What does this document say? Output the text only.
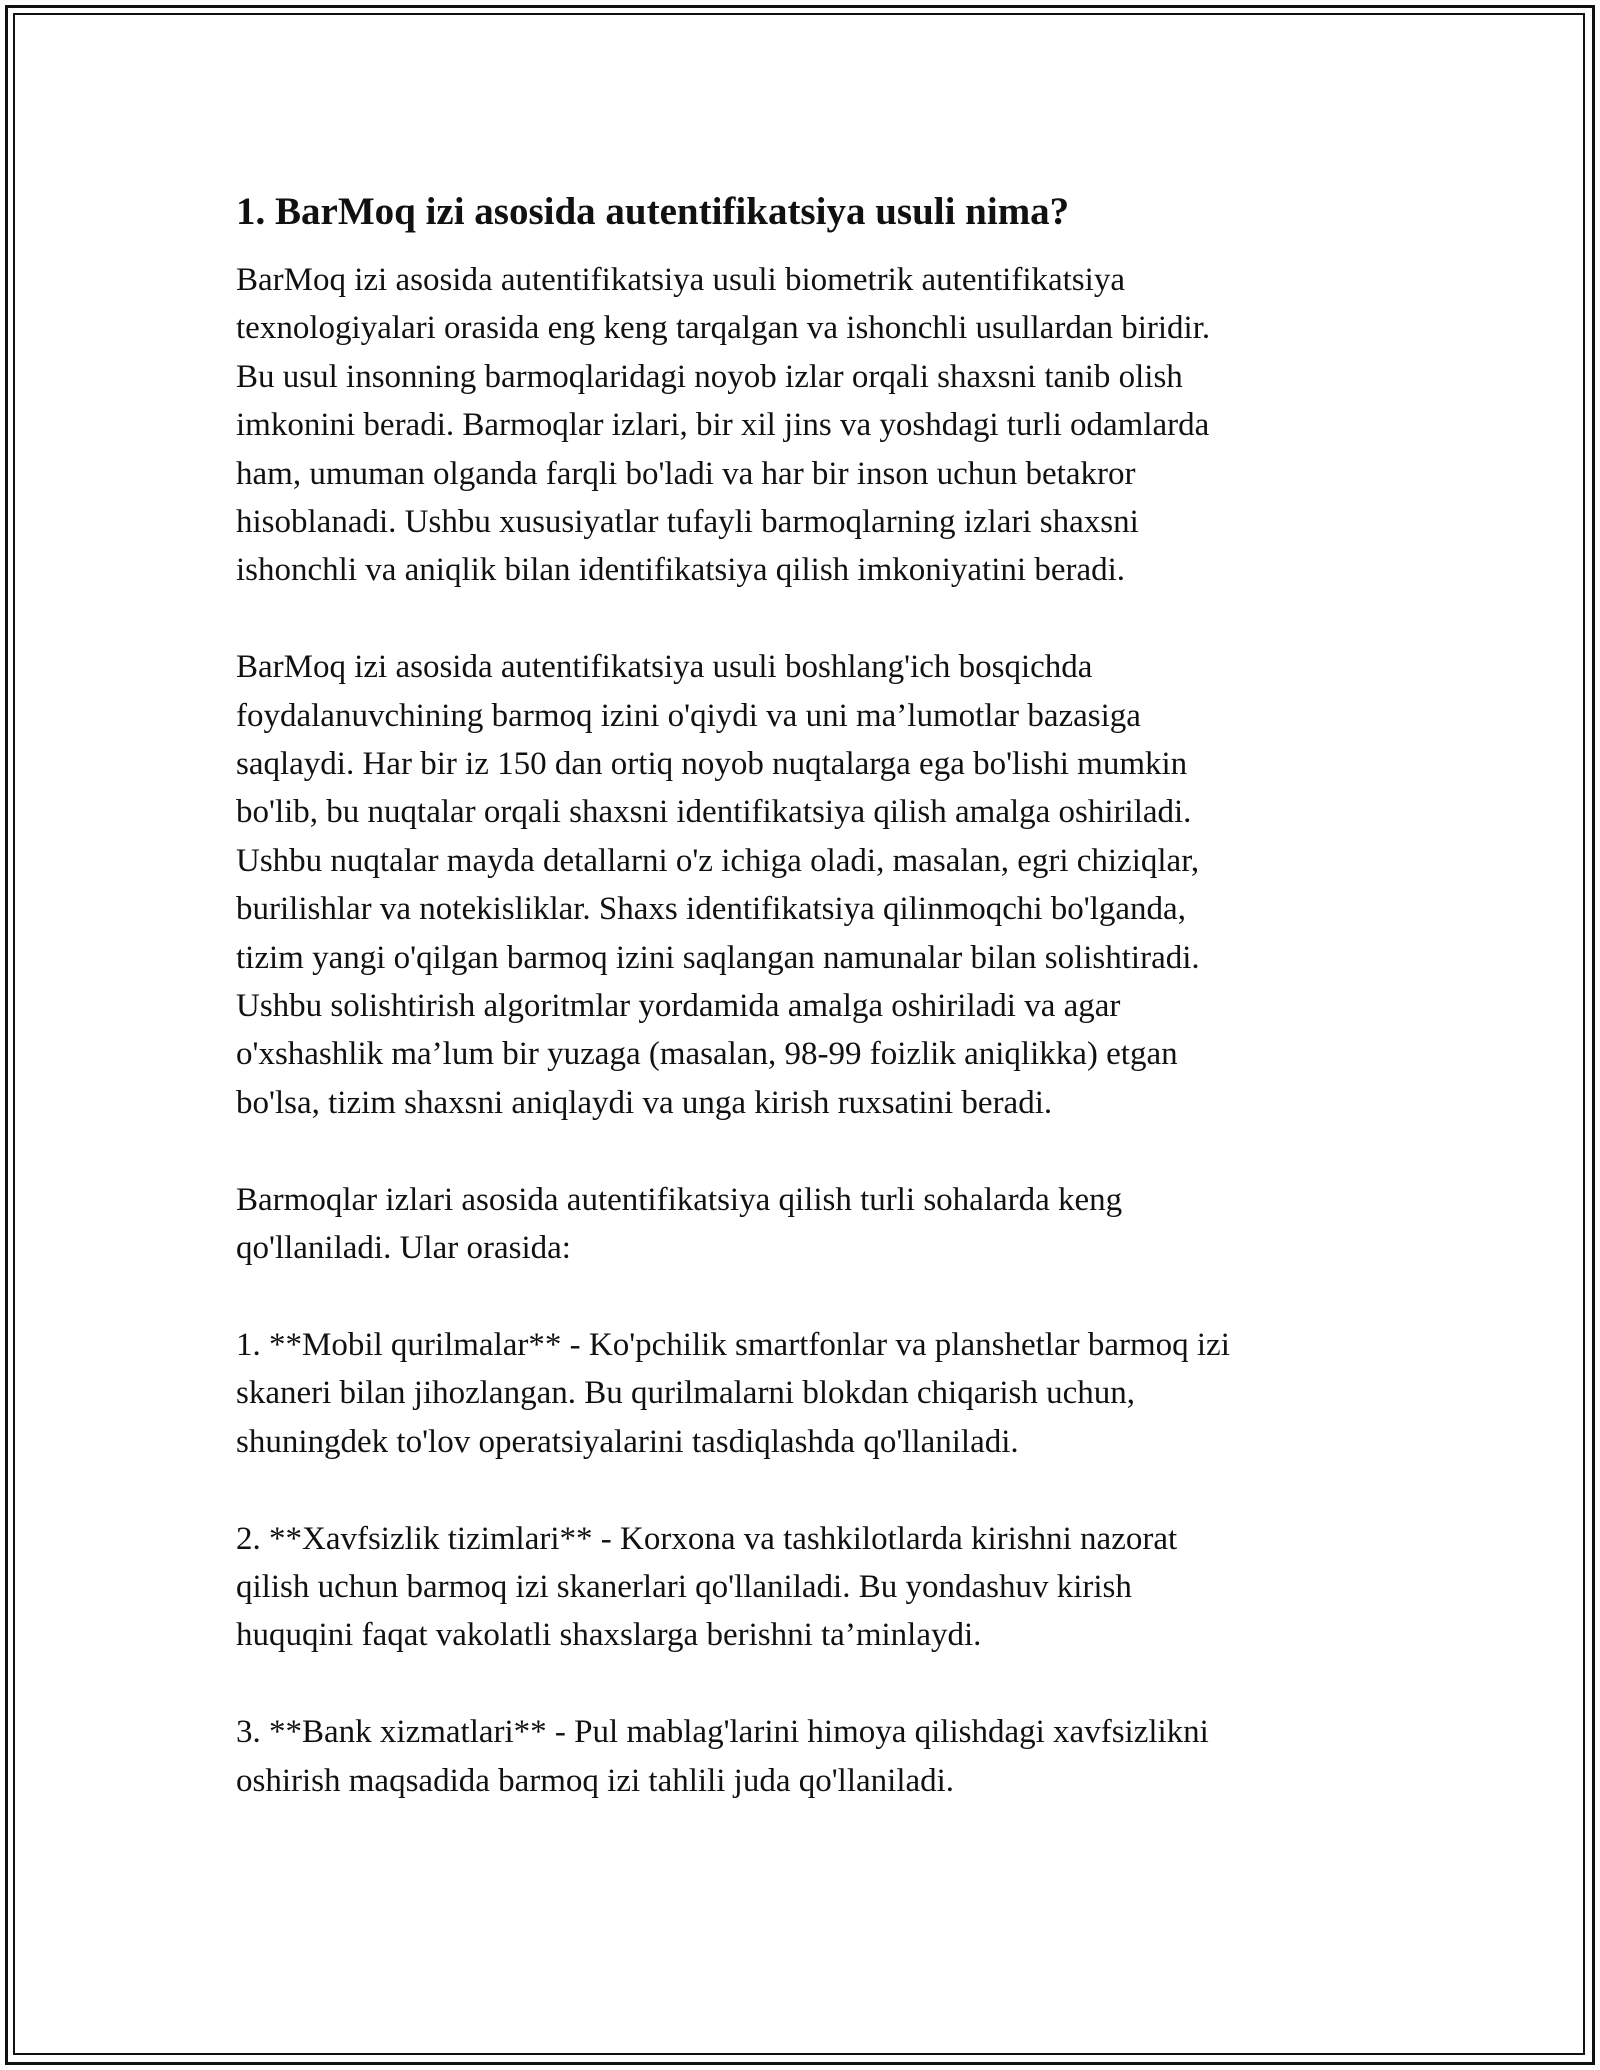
1. BarMoq izi asosida autentifikatsiya usuli nima?

BarMoq izi asosida autentifikatsiya usuli biometrik autentifikatsiya
texnologiyalari orasida eng keng tarqalgan va ishonchli usullardan biridir.
Bu usul insonning barmoqlaridagi noyob izlar orqali shaxsni tanib olish
imkonini beradi. Barmoqlar izlari, bir xil jins va yoshdagi turli odamlarda
ham, umuman olganda farqli bo'ladi va har bir inson uchun betakror
hisoblanadi. Ushbu xususiyatlar tufayli barmoqlarning izlari shaxsni
ishonchli va aniqlik bilan identifikatsiya qilish imkoniyatini beradi.

BarMoq izi asosida autentifikatsiya usuli boshlang'ich bosqichda
foydalanuvchining barmoq izini o'qiydi va uni ma’lumotlar bazasiga
saqlaydi. Har bir iz 150 dan ortiq noyob nuqtalarga ega bo'lishi mumkin
bo'lib, bu nuqtalar orqali shaxsni identifikatsiya qilish amalga oshiriladi.
Ushbu nuqtalar mayda detallarni o'z ichiga oladi, masalan, egri chiziqlar,
burilishlar va notekisliklar. Shaxs identifikatsiya qilinmoqchi bo'lganda,
tizim yangi o'qilgan barmoq izini saqlangan namunalar bilan solishtiradi.
Ushbu solishtirish algoritmlar yordamida amalga oshiriladi va agar
o'xshashlik ma’lum bir yuzaga (masalan, 98-99 foizlik aniqlikka) etgan
bo'lsa, tizim shaxsni aniqlaydi va unga kirish ruxsatini beradi.

Barmoqlar izlari asosida autentifikatsiya qilish turli sohalarda keng
qo'llaniladi. Ular orasida:

1. **Mobil qurilmalar** - Ko'pchilik smartfonlar va planshetlar barmoq izi
skaneri bilan jihozlangan. Bu qurilmalarni blokdan chiqarish uchun,
shuningdek to'lov operatsiyalarini tasdiqlashda qo'llaniladi.

2. **Xavfsizlik tizimlari** - Korxona va tashkilotlarda kirishni nazorat
qilish uchun barmoq izi skanerlari qo'llaniladi. Bu yondashuv kirish
huquqini faqat vakolatli shaxslarga berishni ta’minlaydi.

3. **Bank xizmatlari** - Pul mablag'larini himoya qilishdagi xavfsizlikni
oshirish maqsadida barmoq izi tahlili juda qo'llaniladi.
